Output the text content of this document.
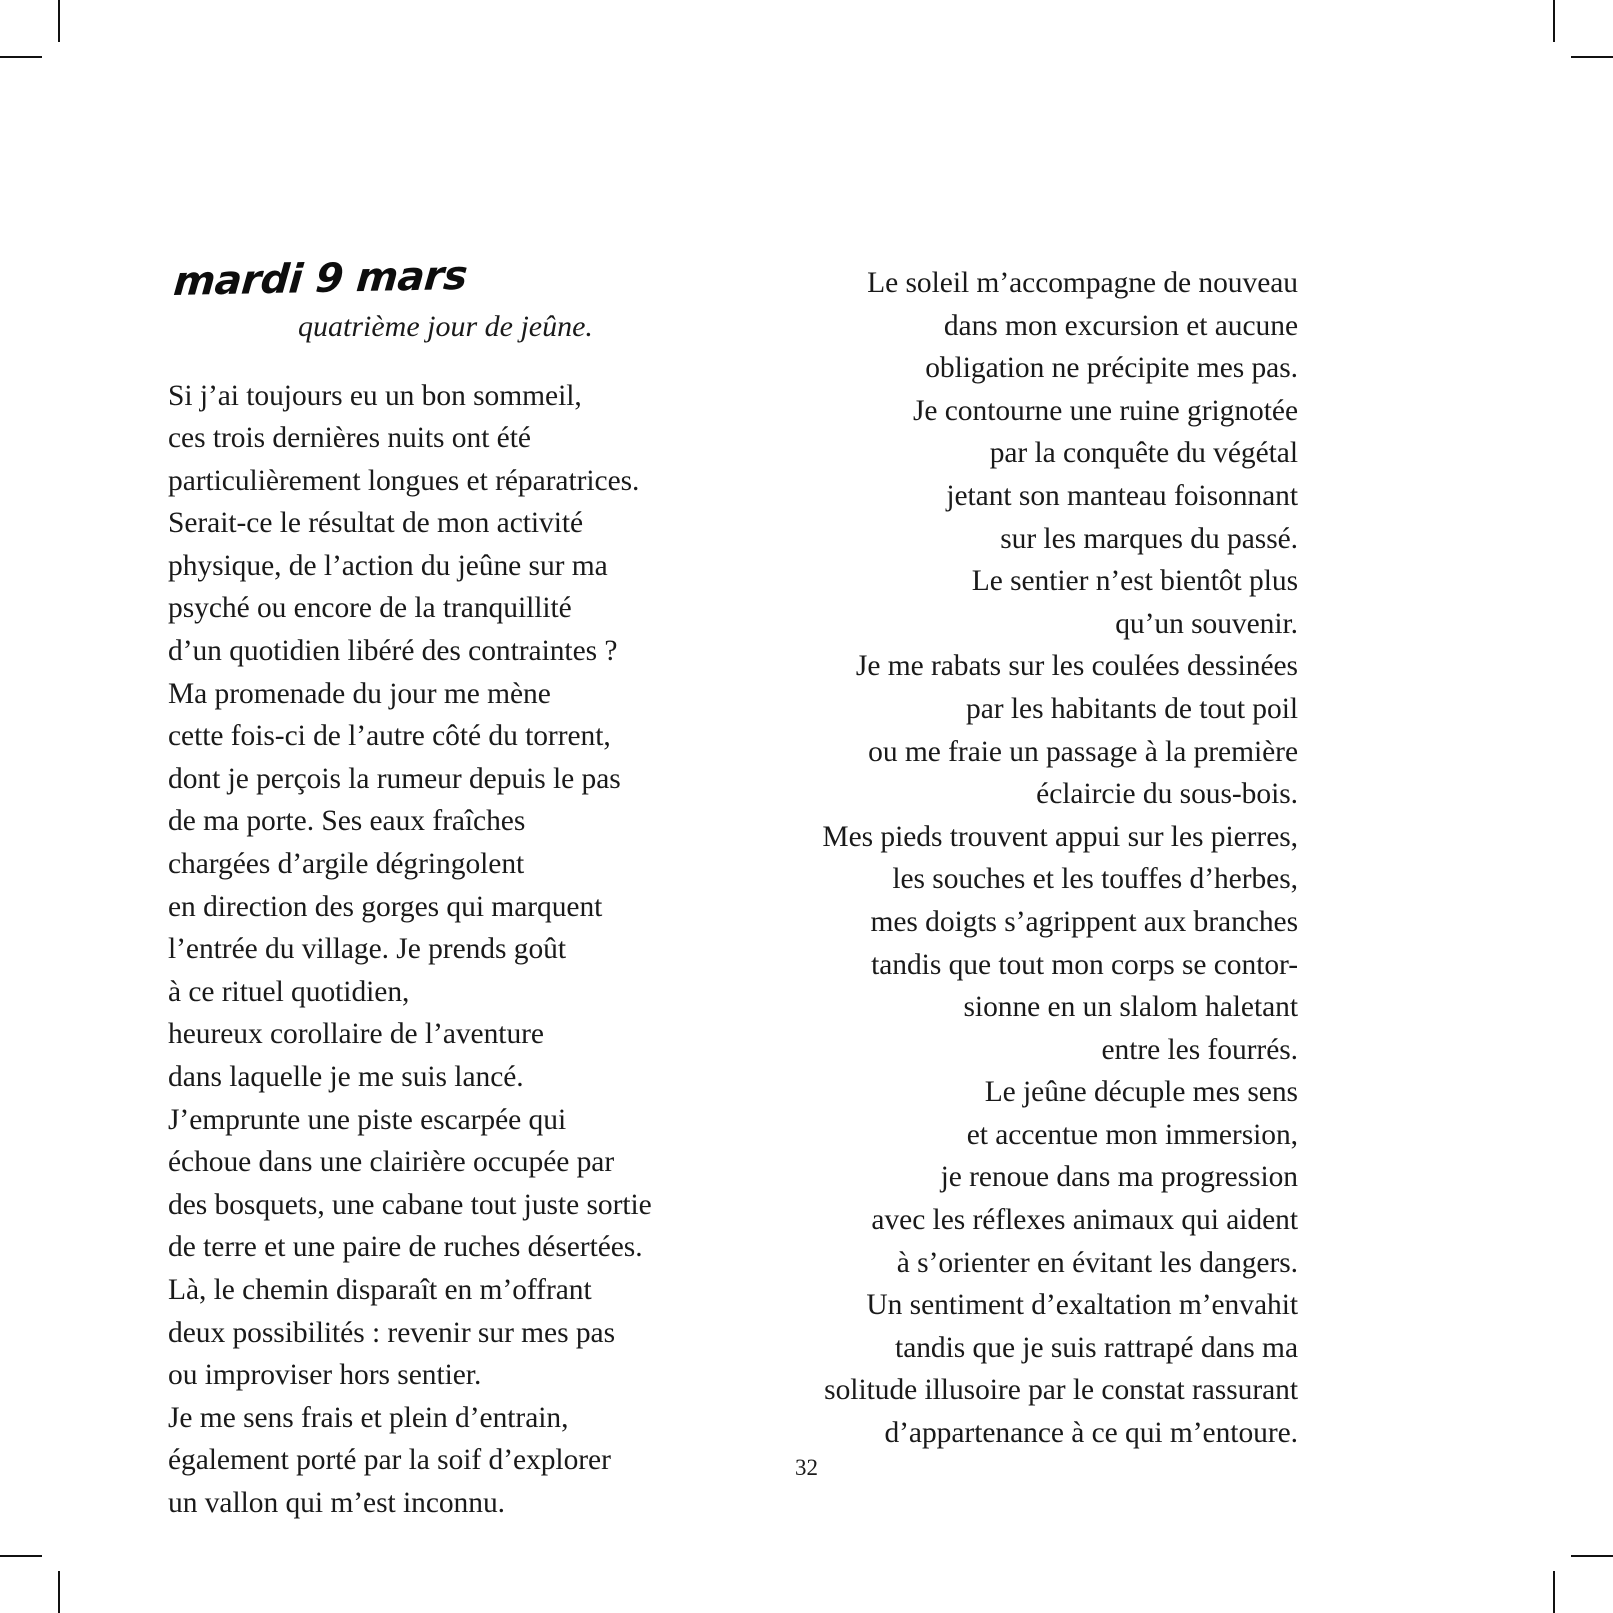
mardi 9 mars
quatrième jour de jeûne.
Si j’ai toujours eu un bon sommeil,
ces trois dernières nuits ont été
particulièrement longues et réparatrices.
Serait-ce le résultat de mon activité
physique, de l’action du jeûne sur ma
psyché ou encore de la tranquillité
d’un quotidien libéré des contraintes ?
Ma promenade du jour me mène
cette fois-ci de l’autre côté du torrent,
dont je perçois la rumeur depuis le pas
de ma porte. Ses eaux fraîches
chargées d’argile dégringolent
en direction des gorges qui marquent
l’entrée du village. Je prends goût
à ce rituel quotidien,
heureux corollaire de l’aventure
dans laquelle je me suis lancé.
J’emprunte une piste escarpée qui
échoue dans une clairière occupée par
des bosquets, une cabane tout juste sortie
de terre et une paire de ruches désertées.
Là, le chemin disparaît en m’offrant
deux possibilités : revenir sur mes pas
ou improviser hors sentier.
Je me sens frais et plein d’entrain,
également porté par la soif d’explorer
un vallon qui m’est inconnu.
Le soleil m’accompagne de nouveau
dans mon excursion et aucune
obligation ne précipite mes pas.
Je contourne une ruine grignotée
par la conquête du végétal
jetant son manteau foisonnant
sur les marques du passé.
Le sentier n’est bientôt plus
qu’un souvenir.
Je me rabats sur les coulées dessinées
par les habitants de tout poil
ou me fraie un passage à la première
éclaircie du sous-bois.
Mes pieds trouvent appui sur les pierres,
les souches et les touffes d’herbes,
mes doigts s’agrippent aux branches
tandis que tout mon corps se contor-
sionne en un slalom haletant
entre les fourrés.
Le jeûne décuple mes sens
et accentue mon immersion,
je renoue dans ma progression
avec les réflexes animaux qui aident
à s’orienter en évitant les dangers.
Un sentiment d’exaltation m’envahit
tandis que je suis rattrapé dans ma
solitude illusoire par le constat rassurant
d’appartenance à ce qui m’entoure.
32
